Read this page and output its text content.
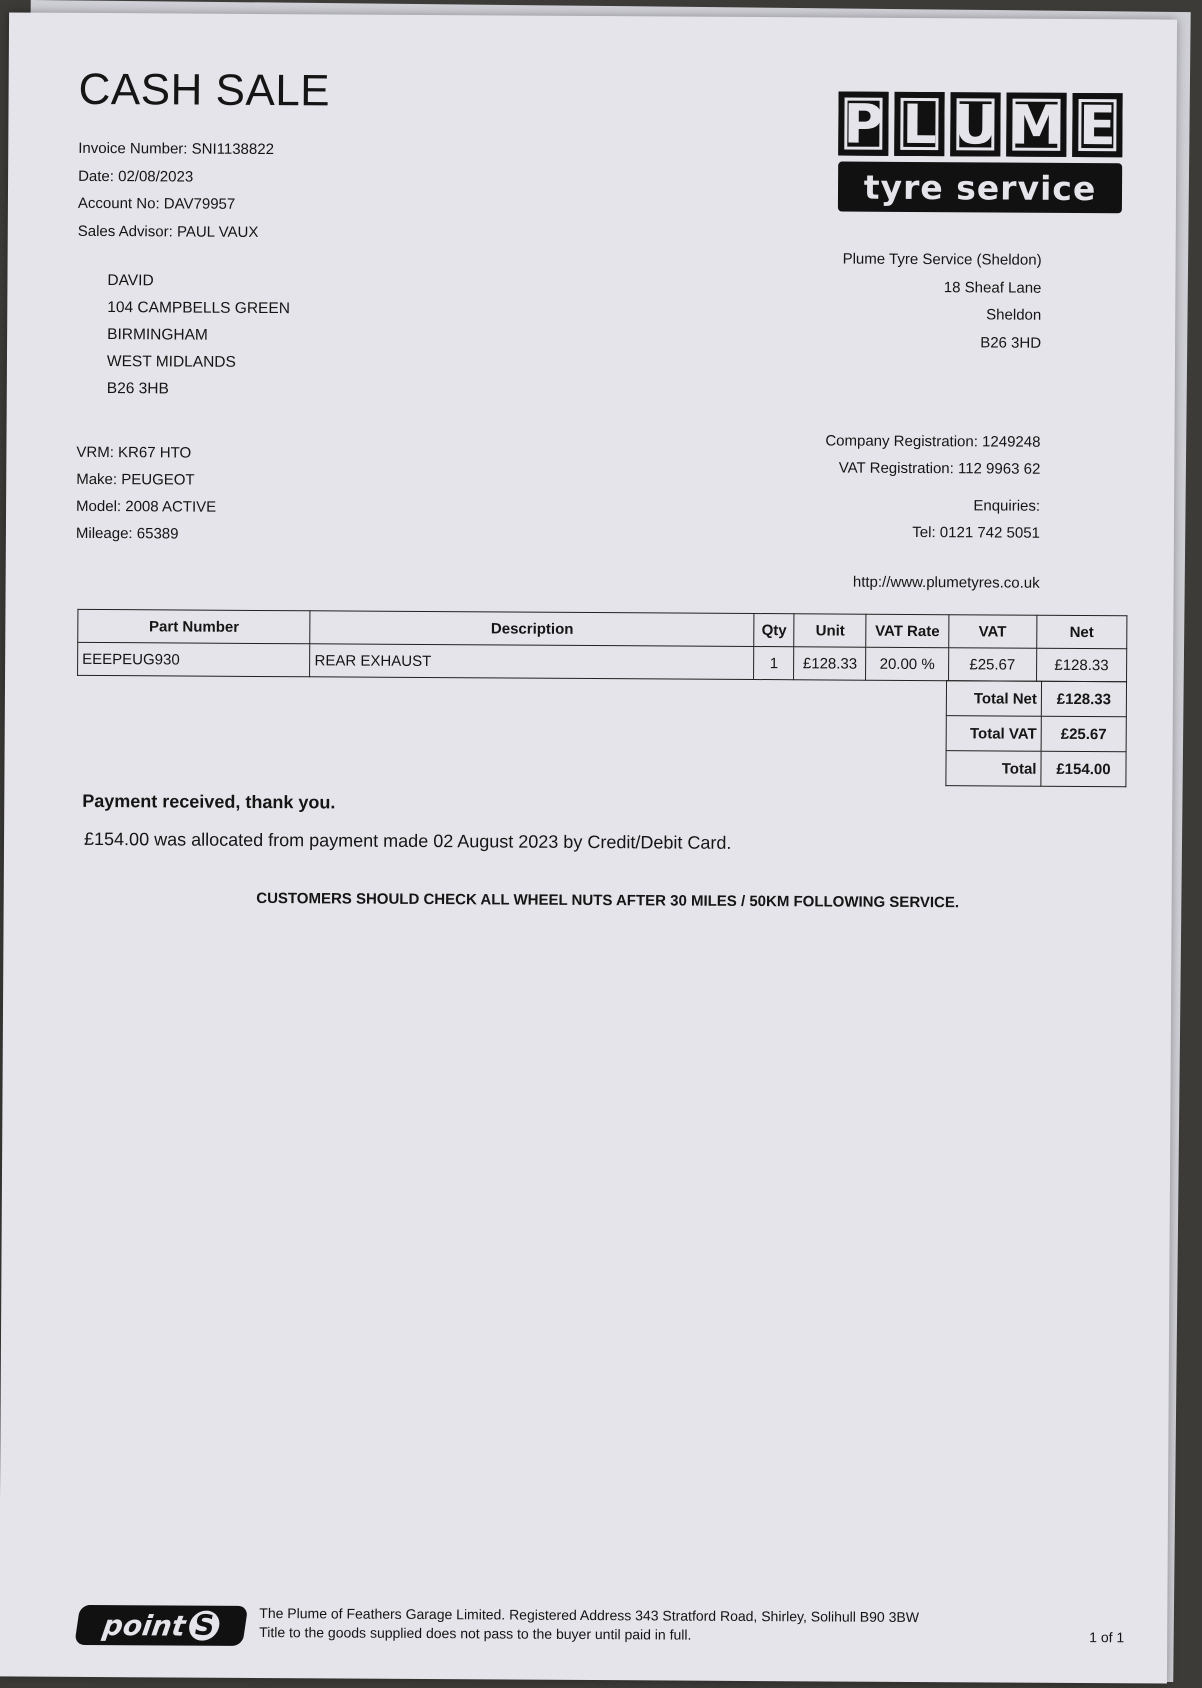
CASH SALE
Invoice Number: SNI1138822
Date: 02/08/2023
Account No: DAV79957
Sales Advisor: PAUL VAUX
DAVID
104 CAMPBELLS GREEN
BIRMINGHAM
WEST MIDLANDS
B26 3HB
VRM: KR67 HTO
Make: PEUGEOT
Model: 2008 ACTIVE
Mileage: 65389
P L U M E
tyre service
Plume Tyre Service (Sheldon)
18 Sheaf Lane
Sheldon
B26 3HD
Company Registration: 1249248
VAT Registration: 112 9963 62
Enquiries:
Tel: 0121 742 5051
http://www.plumetyres.co.uk
Part Number	Description	Qty	Unit	VAT Rate	VAT	Net
EEEPEUG930	REAR EXHAUST	1	£128.33	20.00 %	£25.67	£128.33
Total Net	£128.33
Total VAT	£25.67
Total	£154.00
Payment received, thank you.
£154.00 was allocated from payment made 02 August 2023 by Credit/Debit Card.
CUSTOMERS SHOULD CHECK ALL WHEEL NUTS AFTER 30 MILES / 50KM FOLLOWING SERVICE.
point S	The Plume of Feathers Garage Limited. Registered Address 343 Stratford Road, Shirley, Solihull B90 3BW
Title to the goods supplied does not pass to the buyer until paid in full.	1 of 1
